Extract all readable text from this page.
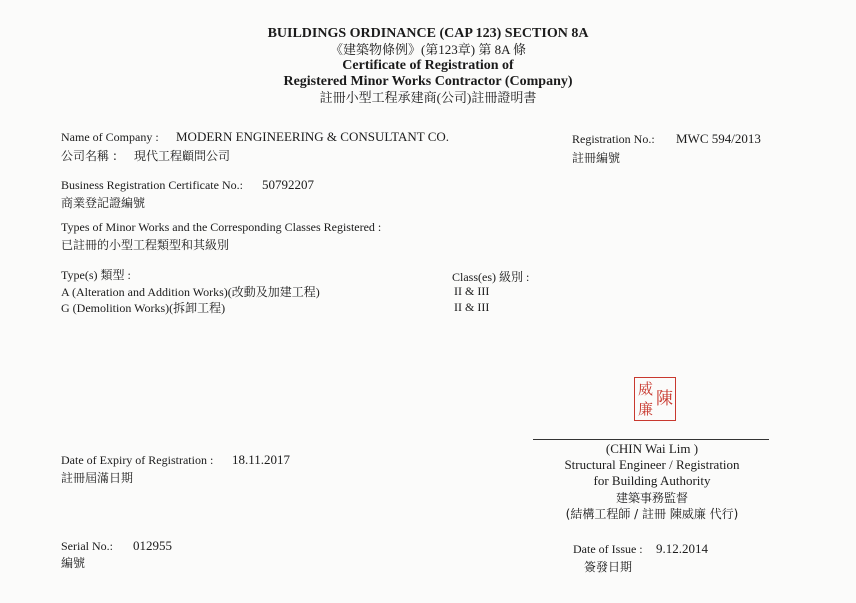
BUILDINGS ORDINANCE (CAP 123) SECTION 8A
《建築物條例》(第123章) 第 8A 條
Certificate of Registration of
Registered Minor Works Contractor (Company)
註冊小型工程承建商(公司)註冊證明書
Name of Company : MODERN ENGINEERING & CONSULTANT CO.
公司名稱 : 現代工程顧問公司
Registration No.: MWC 594/2013
註冊編號
Business Registration Certificate No.: 50792207
商業登記證編號
Types of Minor Works and the Corresponding Classes Registered :
已註冊的小型工程類型和其級別
Type(s) 類型 :	Class(es) 級別 :
A (Alteration and Addition Works)(改動及加建工程)	II & III
G (Demolition Works)(拆卸工程)	II & III
威 陳
廉
(CHIN Wai Lim )
Structural Engineer / Registration
for Building Authority
建築事務監督
(結構工程師 / 註冊 陳威廉 代行)
Date of Expiry of Registration : 18.11.2017
註冊屆滿日期
Serial No.: 012955
編號
Date of Issue : 9.12.2014
簽發日期
